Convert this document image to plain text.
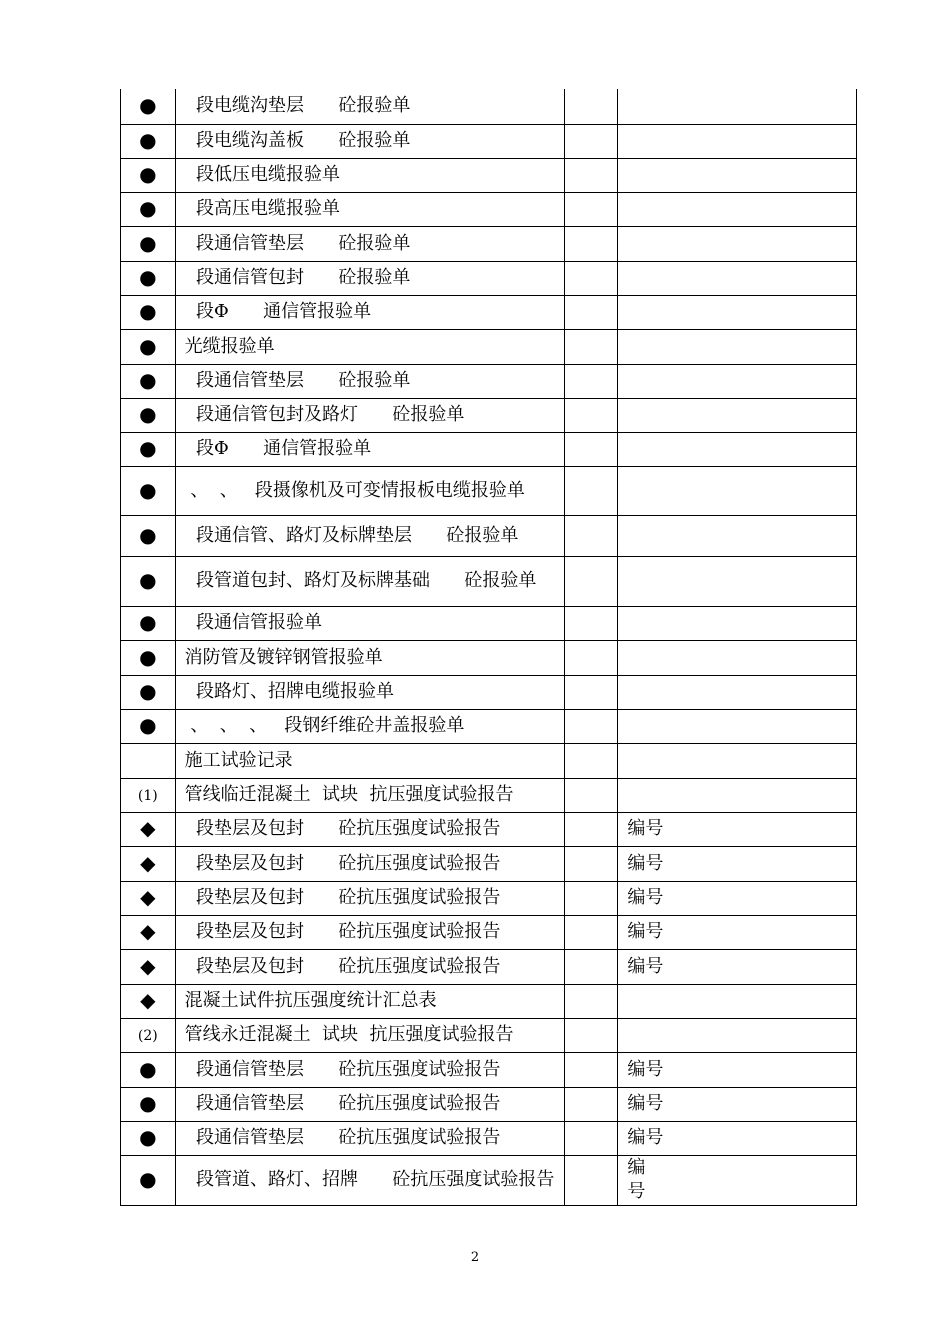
●	段电缆沟垫层      砼报验单		
●	段电缆沟盖板      砼报验单		
●	段低压电缆报验单		
●	段高压电缆报验单		
●	段通信管垫层      砼报验单		
●	段通信管包封      砼报验单		
●	段Φ      通信管报验单		
●	光缆报验单		
●	段通信管垫层      砼报验单		
●	段通信管包封及路灯      砼报验单		
●	段Φ      通信管报验单		
●	、  、   段摄像机及可变情报板电缆报验单		
●	段通信管、路灯及标牌垫层      砼报验单		
●	段管道包封、路灯及标牌基础      砼报验单		
●	段通信管报验单		
●	消防管及镀锌钢管报验单		
●	段路灯、招牌电缆报验单		
●	、  、  、   段钢纤维砼井盖报验单		
	施工试验记录		
(1)	管线临迁混凝土  试块  抗压强度试验报告		
◆	段垫层及包封      砼抗压强度试验报告		编号
◆	段垫层及包封      砼抗压强度试验报告		编号
◆	段垫层及包封      砼抗压强度试验报告		编号
◆	段垫层及包封      砼抗压强度试验报告		编号
◆	段垫层及包封      砼抗压强度试验报告		编号
◆	混凝土试件抗压强度统计汇总表		
(2)	管线永迁混凝土  试块  抗压强度试验报告		
●	段通信管垫层      砼抗压强度试验报告		编号
●	段通信管垫层      砼抗压强度试验报告		编号
●	段通信管垫层      砼抗压强度试验报告		编号
●	段管道、路灯、招牌      砼抗压强度试验报告		编
号
2
